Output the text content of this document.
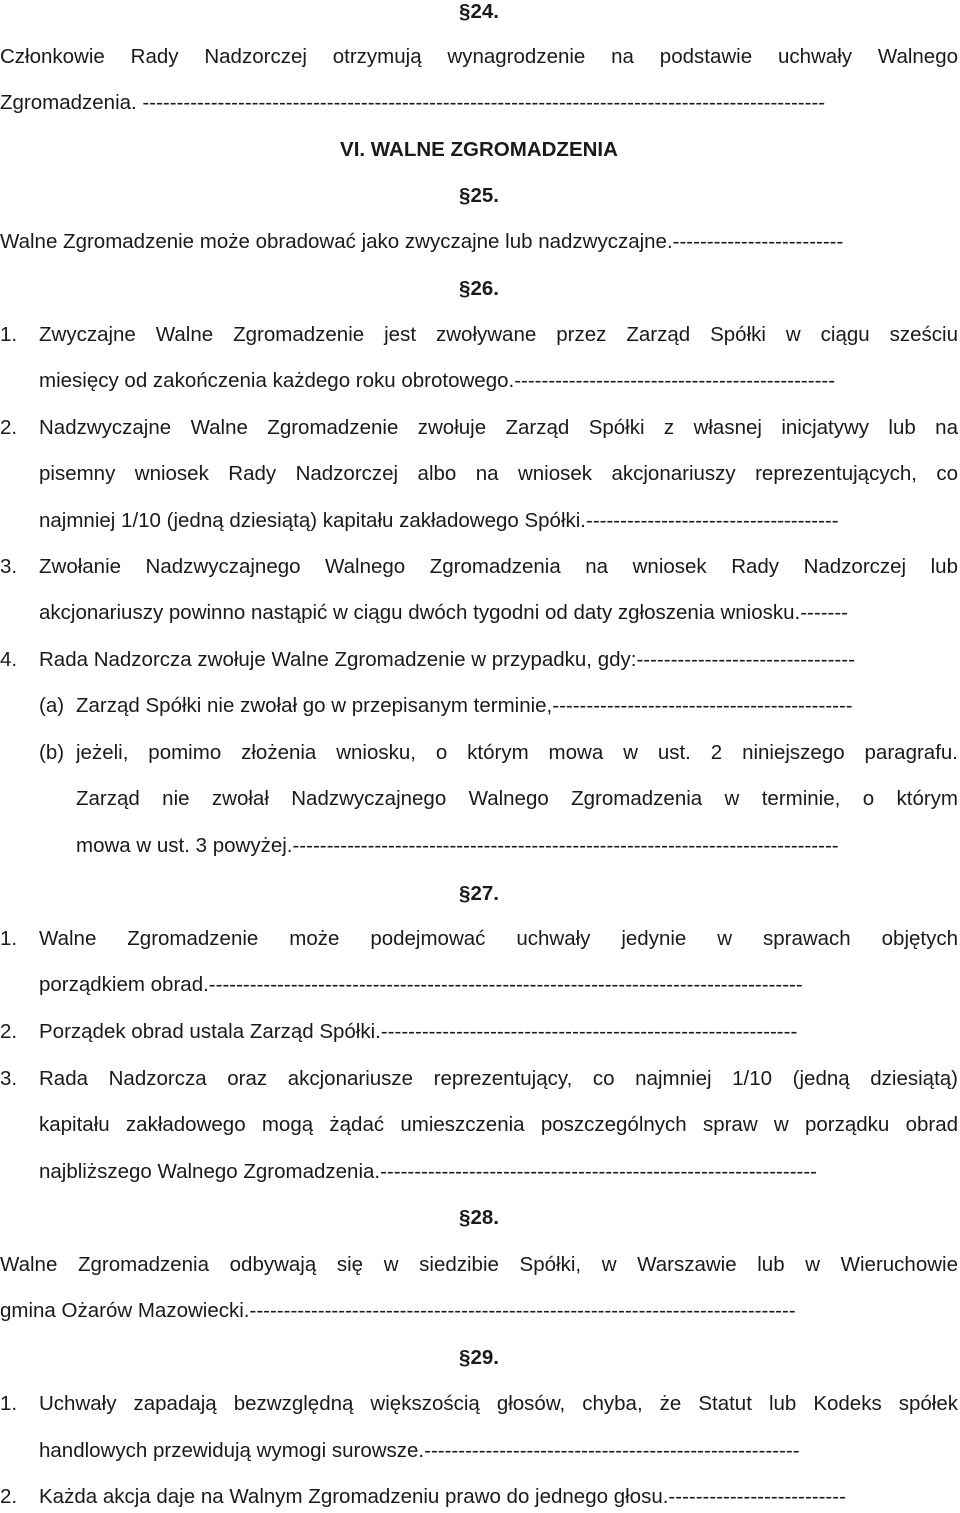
§24.
Członkowie Rady Nadzorczej otrzymują wynagrodzenie na podstawie uchwały Walnego
Zgromadzenia. ----------------------------------------------------------------------------------------------------
VI. WALNE ZGROMADZENIA
§25.
Walne Zgromadzenie może obradować jako zwyczajne lub nadzwyczajne.-------------------------
§26.
1.	Zwyczajne Walne Zgromadzenie jest zwoływane przez Zarząd Spółki w ciągu sześciu
miesięcy od zakończenia każdego roku obrotowego.-----------------------------------------------
2.	Nadzwyczajne Walne Zgromadzenie zwołuje Zarząd Spółki z własnej inicjatywy lub na
pisemny wniosek Rady Nadzorczej albo na wniosek akcjonariuszy reprezentujących, co
najmniej 1/10 (jedną dziesiątą) kapitału zakładowego Spółki.-------------------------------------
3.	Zwołanie Nadzwyczajnego Walnego Zgromadzenia na wniosek Rady Nadzorczej lub
akcjonariuszy powinno nastąpić w ciągu dwóch tygodni od daty zgłoszenia wniosku.-------
4.	Rada Nadzorcza zwołuje Walne Zgromadzenie w przypadku, gdy:--------------------------------
(a) Zarząd Spółki nie zwołał go w przepisanym terminie,--------------------------------------------
(b) jeżeli, pomimo złożenia wniosku, o którym mowa w ust. 2 niniejszego paragrafu.
Zarząd nie zwołał Nadzwyczajnego Walnego Zgromadzenia w terminie, o którym
mowa w ust. 3 powyżej.--------------------------------------------------------------------------------
§27.
1.	Walne Zgromadzenie może podejmować uchwały jedynie w sprawach objętych
porządkiem obrad.---------------------------------------------------------------------------------------
2.	Porządek obrad ustala Zarząd Spółki.-------------------------------------------------------------
3.	Rada Nadzorcza oraz akcjonariusze reprezentujący, co najmniej 1/10 (jedną dziesiątą)
kapitału zakładowego mogą żądać umieszczenia poszczególnych spraw w porządku obrad
najbliższego Walnego Zgromadzenia.----------------------------------------------------------------
§28.
Walne Zgromadzenia odbywają się w siedzibie Spółki, w Warszawie lub w Wieruchowie
gmina Ożarów Mazowiecki.--------------------------------------------------------------------------------
§29.
1.	Uchwały zapadają bezwzględną większością głosów, chyba, że Statut lub Kodeks spółek
handlowych przewidują wymogi surowsze.-------------------------------------------------------
2.	Każda akcja daje na Walnym Zgromadzeniu prawo do jednego głosu.--------------------------
